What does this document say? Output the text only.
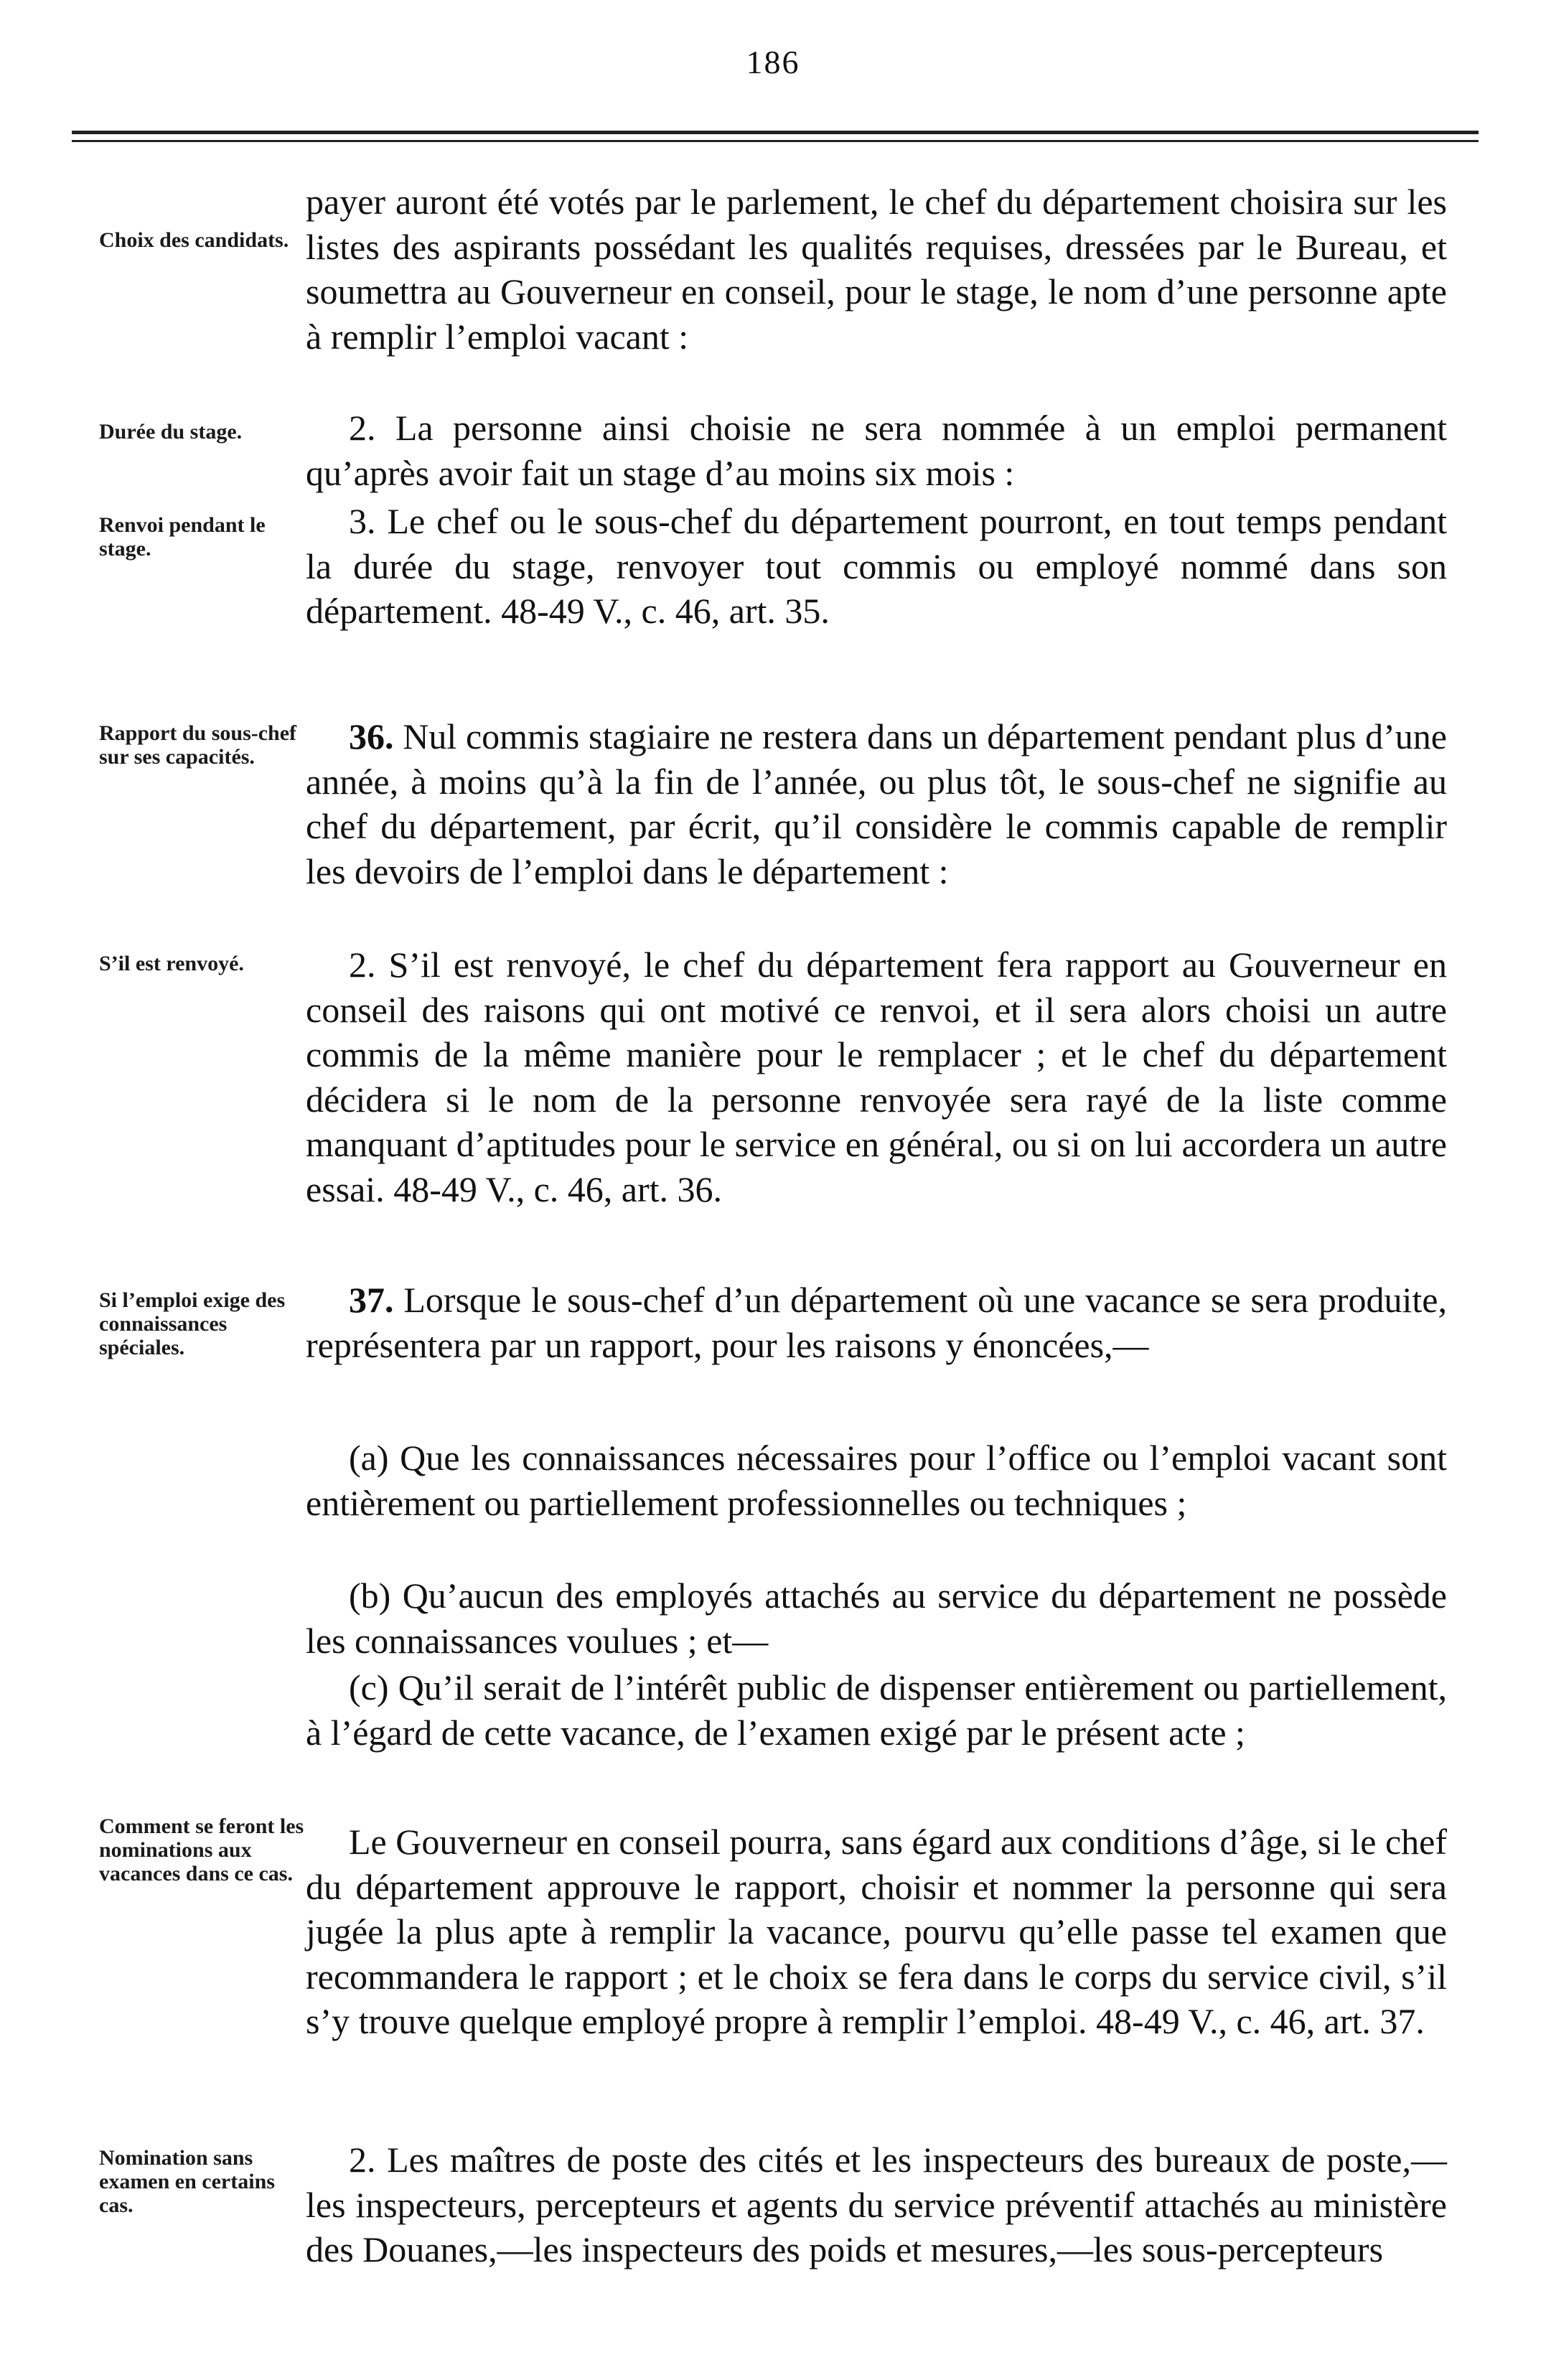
186
Choix des candidats.
Durée du stage.
Renvoi pendant le stage.
Rapport du sous-chef sur ses capacités.
S’il est renvoyé.
Si l’emploi exige des connaissances spéciales.
Comment se feront les nominations aux vacances dans ce cas.
Nomination sans examen en certains cas.
payer auront été votés par le parlement, le chef du département choisira sur les listes des aspirants possédant les qualités requises, dressées par le Bureau, et soumettra au Gouverneur en conseil, pour le stage, le nom d’une personne apte à remplir l’emploi vacant :
2. La personne ainsi choisie ne sera nommée à un emploi permanent qu’après avoir fait un stage d’au moins six mois :
3. Le chef ou le sous-chef du département pourront, en tout temps pendant la durée du stage, renvoyer tout commis ou employé nommé dans son département. 48-49 V., c. 46, art. 35.
36. Nul commis stagiaire ne restera dans un département pendant plus d’une année, à moins qu’à la fin de l’année, ou plus tôt, le sous-chef ne signifie au chef du département, par écrit, qu’il considère le commis capable de remplir les devoirs de l’emploi dans le département :
2. S’il est renvoyé, le chef du département fera rapport au Gouverneur en conseil des raisons qui ont motivé ce renvoi, et il sera alors choisi un autre commis de la même manière pour le remplacer ; et le chef du département décidera si le nom de la personne renvoyée sera rayé de la liste comme manquant d’aptitudes pour le service en général, ou si on lui accordera un autre essai. 48-49 V., c. 46, art. 36.
37. Lorsque le sous-chef d’un département où une vacance se sera produite, représentera par un rapport, pour les raisons y énoncées,—
(a) Que les connaissances nécessaires pour l’office ou l’emploi vacant sont entièrement ou partiellement professionnelles ou techniques ;
(b) Qu’aucun des employés attachés au service du département ne possède les connaissances voulues ; et—
(c) Qu’il serait de l’intérêt public de dispenser entièrement ou partiellement, à l’égard de cette vacance, de l’examen exigé par le présent acte ;
Le Gouverneur en conseil pourra, sans égard aux conditions d’âge, si le chef du département approuve le rapport, choisir et nommer la personne qui sera jugée la plus apte à remplir la vacance, pourvu qu’elle passe tel examen que recommandera le rapport ; et le choix se fera dans le corps du service civil, s’il s’y trouve quelque employé propre à remplir l’emploi. 48-49 V., c. 46, art. 37.
2. Les maîtres de poste des cités et les inspecteurs des bureaux de poste,—les inspecteurs, percepteurs et agents du service préventif attachés au ministère des Douanes,—les inspecteurs des poids et mesures,—les sous-percepteurs
